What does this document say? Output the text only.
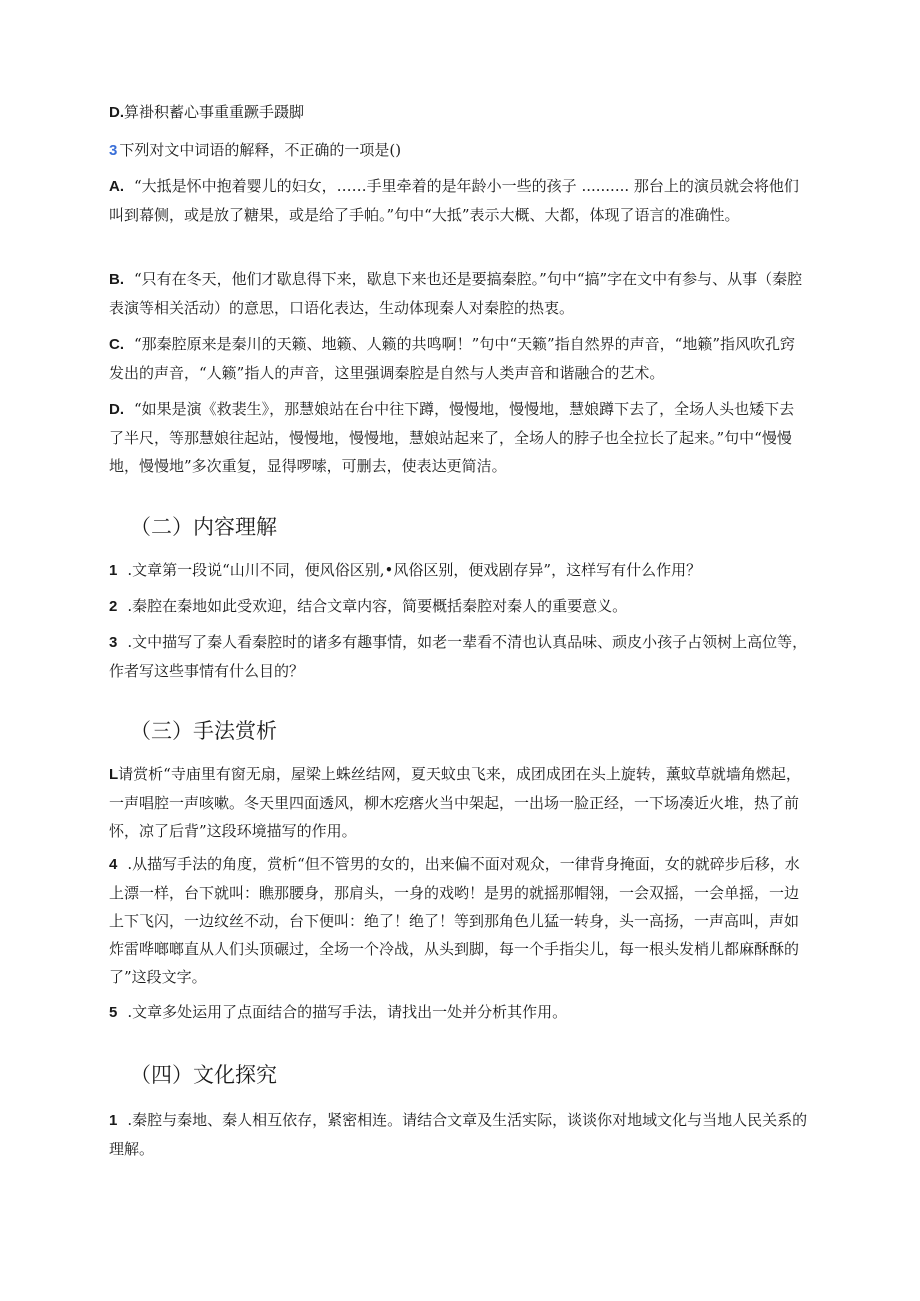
D.算褂积蓄心事重重蹶手蹑脚

3 下列对文中词语的解释，不正确的一项是()

A. “大抵是怀中抱着婴儿的妇女，……手里牵着的是年龄小一些的孩子 .......... 那台上的演员就会将他们叫到幕侧，或是放了糖果，或是给了手帕。”句中“大抵”表示大概、大都，体现了语言的准确性。

B. “只有在冬天，他们才歇息得下来，歇息下来也还是要搞秦腔。”句中“搞”字在文中有参与、从事（秦腔表演等相关活动）的意思，口语化表达，生动体现秦人对秦腔的热衷。

C. “那秦腔原来是秦川的天籁、地籁、人籁的共鸣啊！”句中“天籁”指自然界的声音，“地籁”指风吹孔窍发出的声音，“人籁”指人的声音，这里强调秦腔是自然与人类声音和谐融合的艺术。

D. “如果是演《救裴生》，那慧娘站在台中往下蹲，慢慢地，慢慢地，慧娘蹲下去了，全场人头也矮下去了半尺，等那慧娘往起站，慢慢地，慢慢地，慧娘站起来了，全场人的脖子也全拉长了起来。”句中“慢慢地，慢慢地”多次重复，显得啰嗦，可删去，使表达更简洁。

（二）内容理解

1 .文章第一段说“山川不同，便风俗区别,•风俗区别，便戏剧存异”，这样写有什么作用？

2 .秦腔在秦地如此受欢迎，结合文章内容，简要概括秦腔对秦人的重要意义。

3 .文中描写了秦人看秦腔时的诸多有趣事情，如老一辈看不清也认真品味、顽皮小孩子占领树上高位等，作者写这些事情有什么目的？

（三）手法赏析

L请赏析“寺庙里有窗无扇，屋梁上蛛丝结网，夏天蚊虫飞来，成团成团在头上旋转，薰蚊草就墙角燃起，一声唱腔一声咳嗽。冬天里四面透风，柳木疙瘩火当中架起，一出场一脸正经，一下场凑近火堆，热了前怀，凉了后背”这段环境描写的作用。

4 .从描写手法的角度，赏析“但不管男的女的，出来偏不面对观众，一律背身掩面，女的就碎步后移，水上漂一样，台下就叫：瞧那腰身，那肩头，一身的戏哟！是男的就摇那帽翎，一会双摇，一会单摇，一边上下飞闪，一边纹丝不动，台下便叫：绝了！绝了！等到那角色儿猛一转身，头一高扬，一声高叫，声如炸雷哗啷啷直从人们头顶碾过，全场一个冷战，从头到脚，每一个手指尖儿，每一根头发梢儿都麻酥酥的了”这段文字。

5 .文章多处运用了点面结合的描写手法，请找出一处并分析其作用。

（四）文化探究

1 .秦腔与秦地、秦人相互依存，紧密相连。请结合文章及生活实际，谈谈你对地域文化与当地人民关系的理解。
